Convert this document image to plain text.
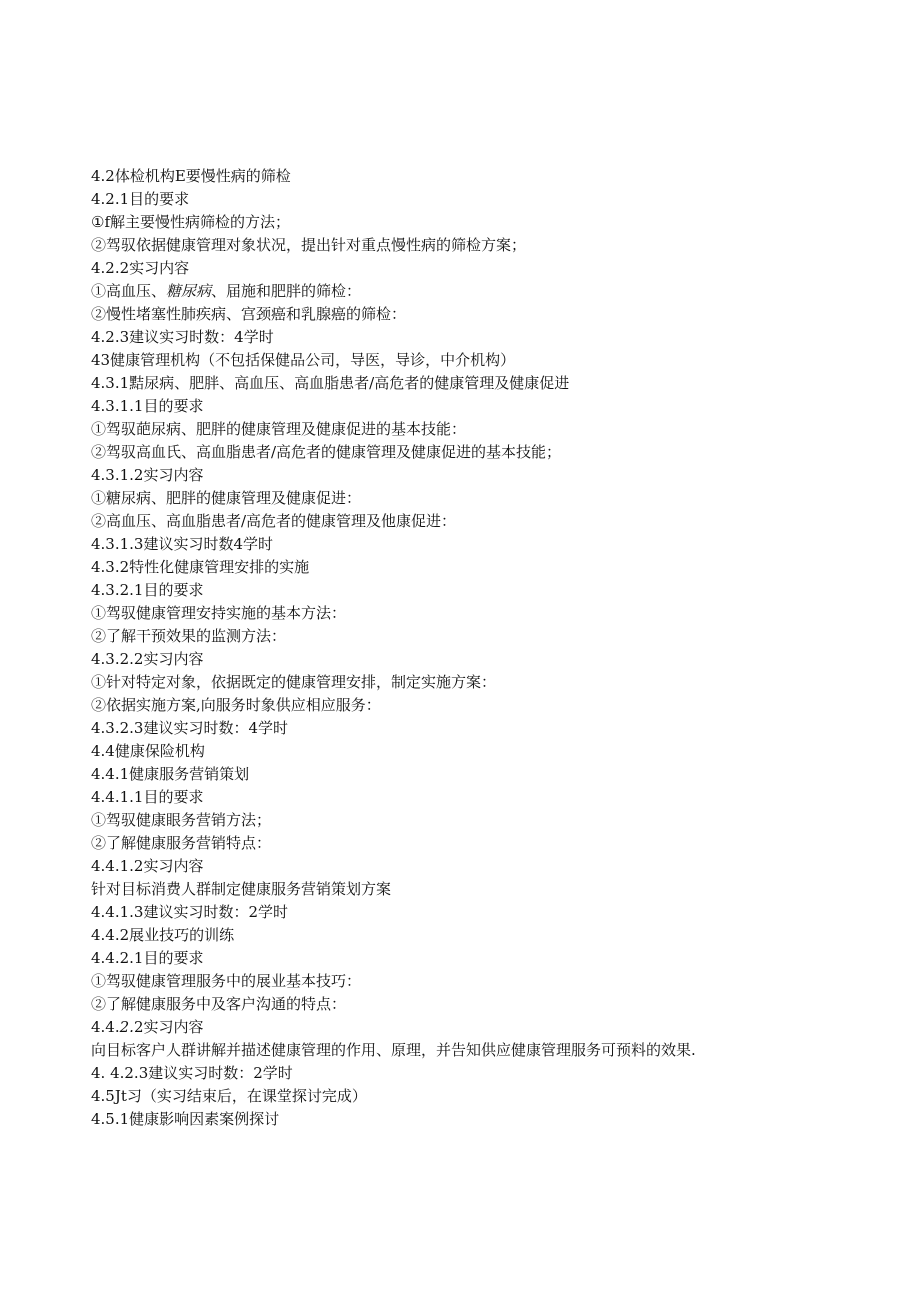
4.2体检机构E要慢性病的筛检
4.2.1目的要求
①f解主要慢性病筛检的方法；
②驾驭依据健康管理对象状况，提出针对重点慢性病的筛检方案；
4.2.2实习内容
①高血压、糖尿病、届施和肥胖的筛检：
②慢性堵塞性肺疾病、宫颈癌和乳腺癌的筛检：
4.2.3建议实习时数：4学时
43健康管理机构（不包括保健品公司，导医，导诊，中介机构）
4.3.1黠尿病、肥胖、高血压、高血脂患者/高危者的健康管理及健康促进
4.3.1.1目的要求
①驾驭葩尿病、肥胖的健康管理及健康促进的基本技能：
②驾驭高血氏、高血脂患者/高危者的健康管理及健康促进的基本技能；
4.3.1.2实习内容
①糖尿病、肥胖的健康管理及健康促进：
②高血压、高血脂患者/高危者的健康管理及他康促进：
4.3.1.3建议实习时数4学时
4.3.2特性化健康管理安排的实施
4.3.2.1目的要求
①驾驭健康管理安持实施的基本方法：
②了解干预效果的监测方法：
4.3.2.2实习内容
①针对特定对象，依据既定的健康管理安排，制定实施方案：
②依据实施方案,向服务时象供应相应服务：
4.3.2.3建议实习时数：4学时
4.4健康保险机构
4.4.1健康服务营销策划
4.4.1.1目的要求
①驾驭健康眼务营销方法；
②了解健康服务营销特点：
4.4.1.2实习内容
针对目标消费人群制定健康服务营销策划方案
4.4.1.3建议实习时数：2学时
4.4.2展业技巧的训练
4.4.2.1目的要求
①驾驭健康管理服务中的展业基本技巧：
②了解健康服务中及客户沟通的特点：
4.4.2.2实习内容
向目标客户人群讲解并描述健康管理的作用、原理，并告知供应健康管理服务可预料的效果.
4. 4.2.3建议实习时数：2学时
4.5Jt习（实习结束后，在课堂探讨完成）
4.5.1健康影响因素案例探讨
